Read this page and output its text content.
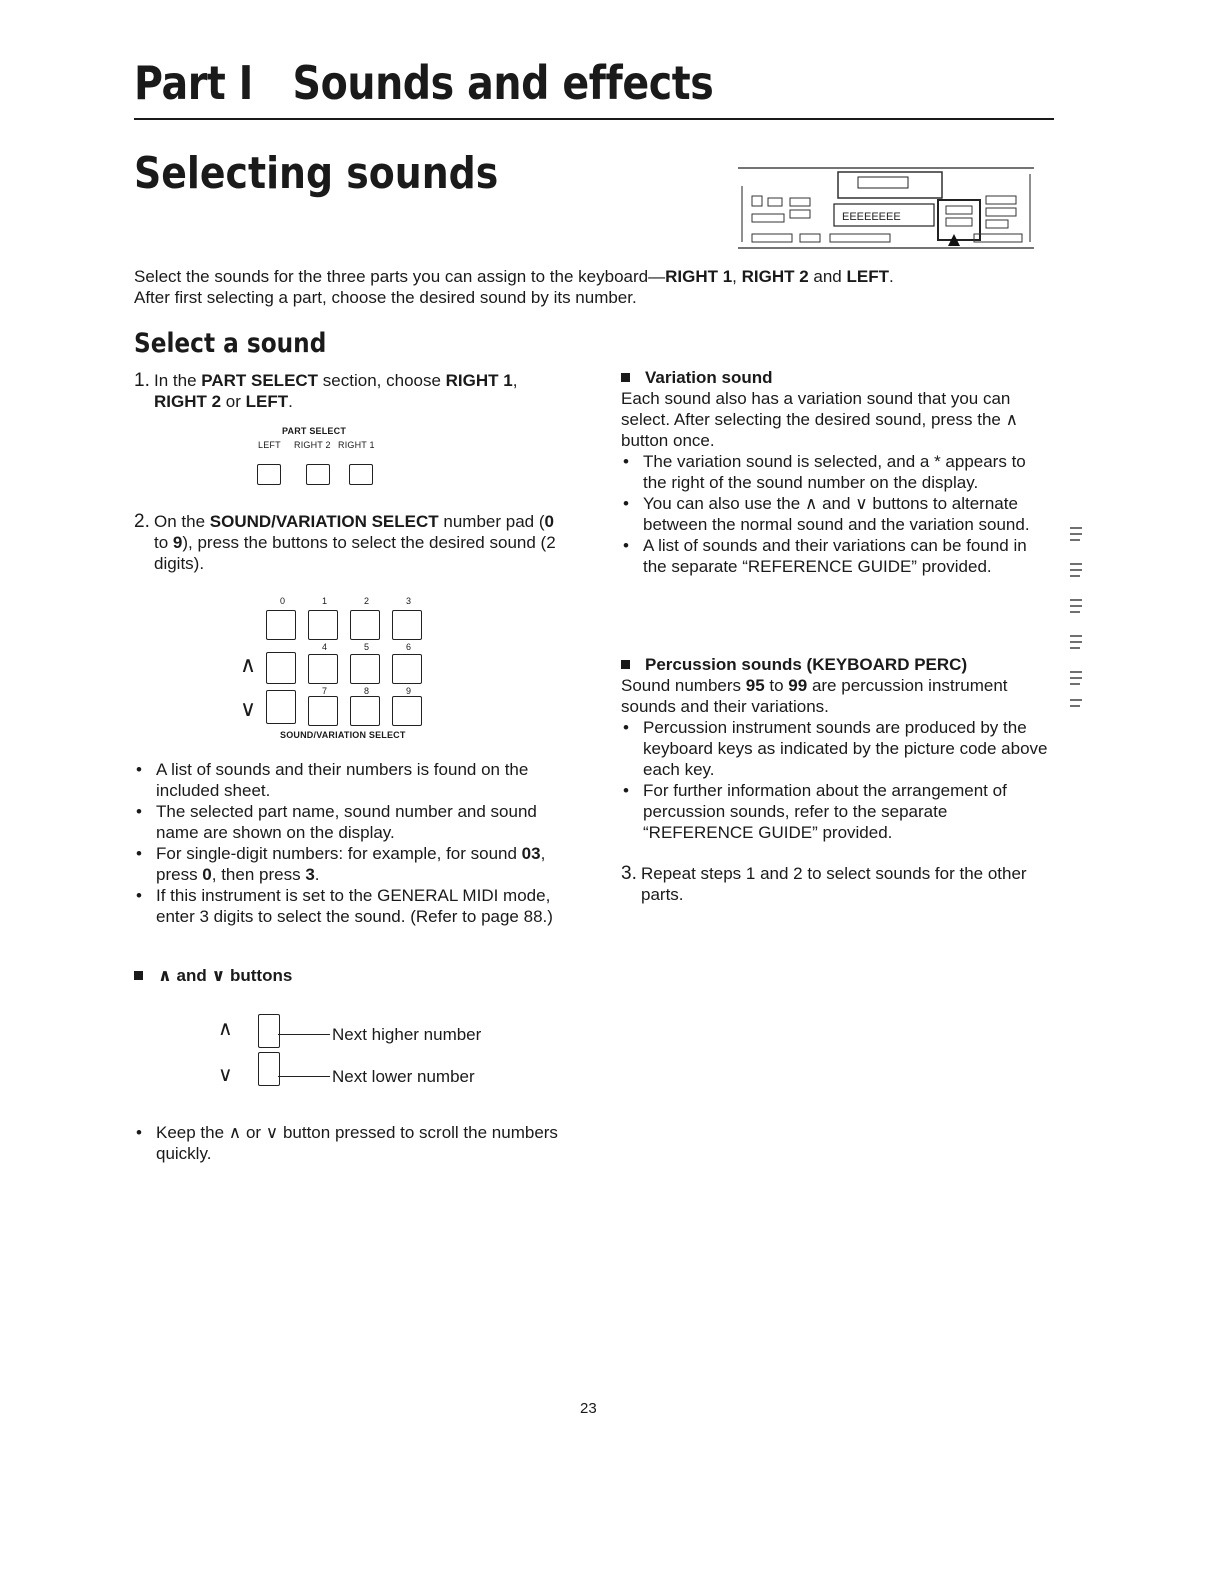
Part I Sounds and effects
Selecting sounds
EEEEEEEE
Select the sounds for the three parts you can assign to the keyboard—RIGHT 1, RIGHT 2 and LEFT.
After first selecting a part, choose the desired sound by its number.
Select a sound
1. In the PART SELECT section, choose RIGHT 1, RIGHT 2 or LEFT.
PART SELECT
LEFT RIGHT 2 RIGHT 1
2. On the SOUND/VARIATION SELECT number pad (0 to 9), press the buttons to select the desired sound (2 digits).
0	1	2	3
4	5	6
∧
7	8	9
∨
SOUND/VARIATION SELECT
• A list of sounds and their numbers is found on the included sheet.
• The selected part name, sound number and sound name are shown on the display.
• For single-digit numbers: for example, for sound 03, press 0, then press 3.
• If this instrument is set to the GENERAL MIDI mode, enter 3 digits to select the sound. (Refer to page 88.)
∧ and ∨ buttons
∧
∨
Next higher number
Next lower number
• Keep the ∧ or ∨ button pressed to scroll the numbers quickly.
Variation sound
Each sound also has a variation sound that you can select. After selecting the desired sound, press the ∧ button once.
• The variation sound is selected, and a * appears to the right of the sound number on the display.
• You can also use the ∧ and ∨ buttons to alternate between the normal sound and the variation sound.
• A list of sounds and their variations can be found in the separate “REFERENCE GUIDE” provided.
Percussion sounds (KEYBOARD PERC)
Sound numbers 95 to 99 are percussion instrument sounds and their variations.
• Percussion instrument sounds are produced by the keyboard keys as indicated by the picture code above each key.
• For further information about the arrangement of percussion sounds, refer to the separate “REFERENCE GUIDE” provided.
3. Repeat steps 1 and 2 to select sounds for the other parts.
23
